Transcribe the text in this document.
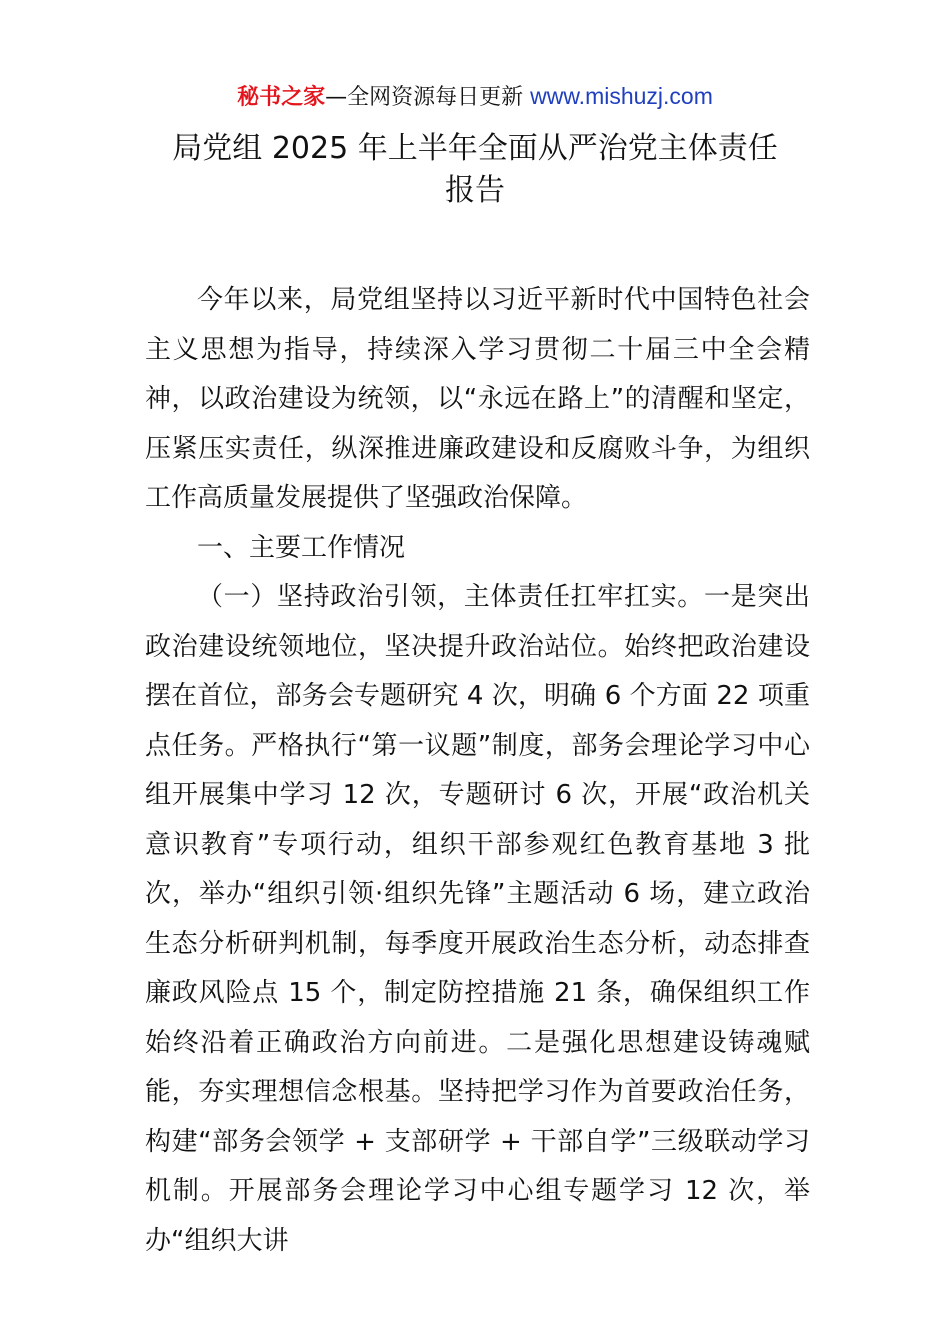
秘书之家—全网资源每日更新 www.mishuzj.com
局党组 2025 年上半年全面从严治党主体责任
报告

今年以来，局党组坚持以习近平新时代中国特色社会主义思想为指导，持续深入学习贯彻二十届三中全会精神，以政治建设为统领，以“永远在路上”的清醒和坚定，压紧压实责任，纵深推进廉政建设和反腐败斗争，为组织工作高质量发展提供了坚强政治保障。

一、主要工作情况

（一）坚持政治引领，主体责任扛牢扛实。一是突出政治建设统领地位，坚决提升政治站位。始终把政治建设摆在首位，部务会专题研究 4 次，明确 6 个方面 22 项重点任务。严格执行“第一议题”制度，部务会理论学习中心组开展集中学习 12 次，专题研讨 6 次，开展“政治机关意识教育”专项行动，组织干部参观红色教育基地 3 批次，举办“组织引领·组织先锋”主题活动 6 场，建立政治生态分析研判机制，每季度开展政治生态分析，动态排查廉政风险点 15 个，制定防控措施 21 条，确保组织工作始终沿着正确政治方向前进。二是强化思想建设铸魂赋能，夯实理想信念根基。坚持把学习作为首要政治任务，构建“部务会领学 + 支部研学 + 干部自学”三级联动学习机制。开展部务会理论学习中心组专题学习 12 次，举办“组织大讲
